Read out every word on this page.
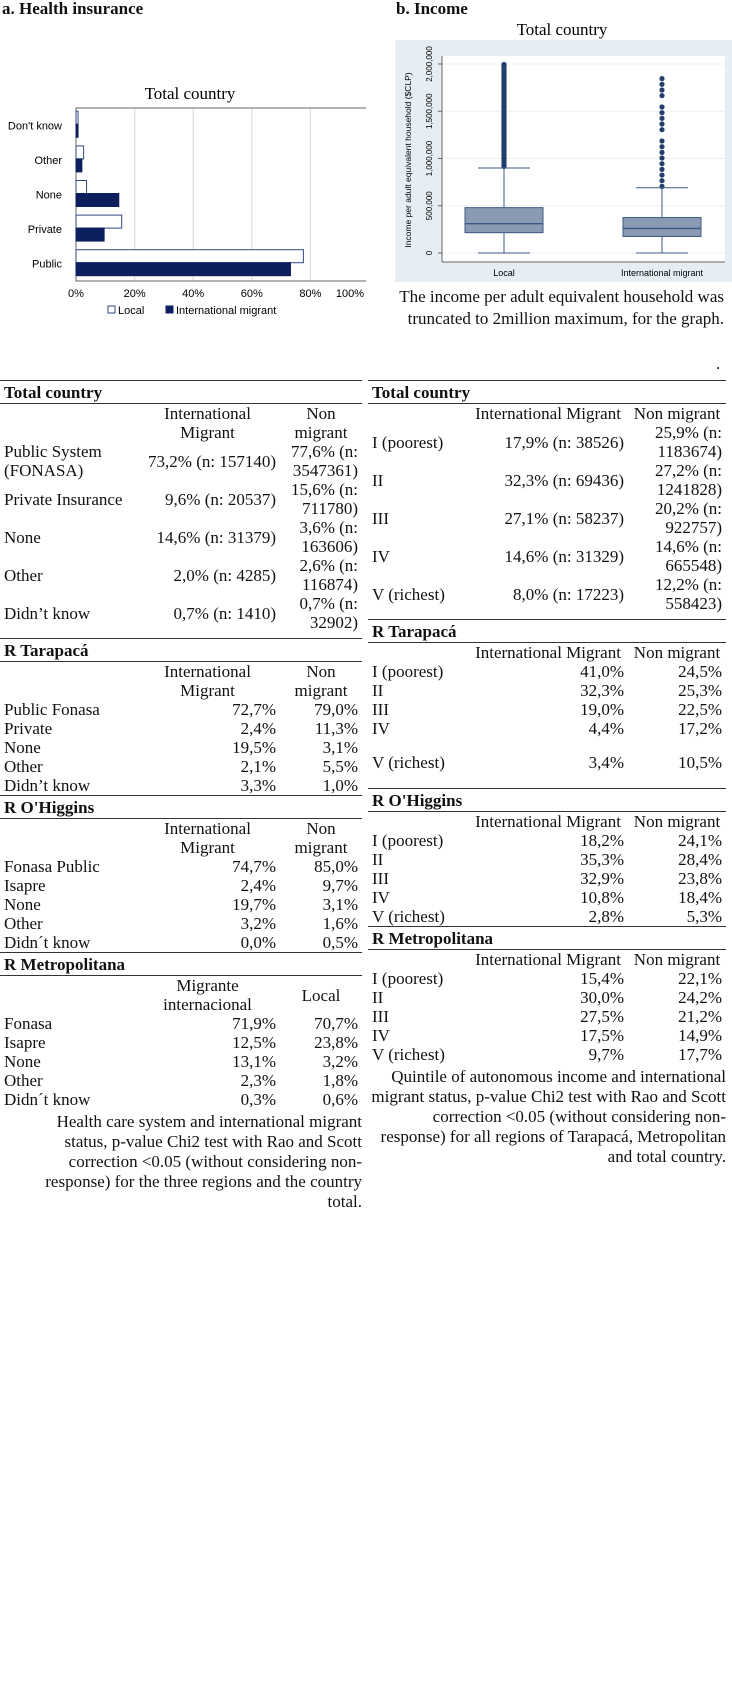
a. Health insurance	b. Income
Total country
0%	20%	40%	60%	80% 100%
Don't know
Other
None
Private
Public
Local	International migrant
Total country
0
500,000
1,000,000
1,500,000
2,000,000
Income per adult equivalent household ($CLP)
Local	International migrant
The income per adult equivalent household was truncated to 2million maximum, for the graph.
.
Total country		
	International Migrant	Non migrant
Public System (FONASA)	73,2% (n: 157140)	77,6% (n: 3547361)
Private Insurance	9,6% (n: 20537)	15,6% (n: 711780)
None	14,6% (n: 31379)	3,6% (n: 163606)
Other	2,0% (n: 4285)	2,6% (n: 116874)
Didn’t know	0,7% (n: 1410)	0,7% (n: 32902)

R Tarapacá		
	International Migrant	Non migrant
Public Fonasa	72,7%	79,0%
Private	2,4%	11,3%
None	19,5%	3,1%
Other	2,1%	5,5%
Didn’t know	3,3%	1,0%
R O'Higgins		
	International Migrant	Non migrant
Fonasa Public	74,7%	85,0%
Isapre	2,4%	9,7%
None	19,7%	3,1%
Other	3,2%	1,6%
Didn´t know	0,0%	0,5%
R Metropolitana		
	Migrante internacional	Local
Fonasa	71,9%	70,7%
Isapre	12,5%	23,8%
None	13,1%	3,2%
Other	2,3%	1,8%
Didn´t know	0,3%	0,6%
Health care system and international migrant status, p-value Chi2 test with Rao and Scott correction <0.05 (without considering non-response) for the three regions and the country total.
Total country		
	International Migrant	Non migrant
I (poorest)	17,9% (n: 38526)	25,9% (n: 1183674)
II	32,3% (n: 69436)	27,2% (n: 1241828)
III	27,1% (n: 58237)	20,2% (n: 922757)
IV	14,6% (n: 31329)	14,6% (n: 665548)
V (richest)	8,0% (n: 17223)	12,2% (n: 558423)

R Tarapacá		
	International Migrant	Non migrant
I (poorest)	41,0%	24,5%
II	32,3%	25,3%
III	19,0%	22,5%
IV	4,4%	17,2%
V (richest)	3,4%	10,5%
R O'Higgins		
	International Migrant	Non migrant
I (poorest)	18,2%	24,1%
II	35,3%	28,4%
III	32,9%	23,8%
IV	10,8%	18,4%
V (richest)	2,8%	5,3%
R Metropolitana		
	International Migrant	Non migrant
I (poorest)	15,4%	22,1%
II	30,0%	24,2%
III	27,5%	21,2%
IV	17,5%	14,9%
V (richest)	9,7%	17,7%
Quintile of autonomous income and international migrant status, p-value Chi2 test with Rao and Scott correction <0.05 (without considering non-response) for all regions of Tarapacá, Metropolitan and total country.
